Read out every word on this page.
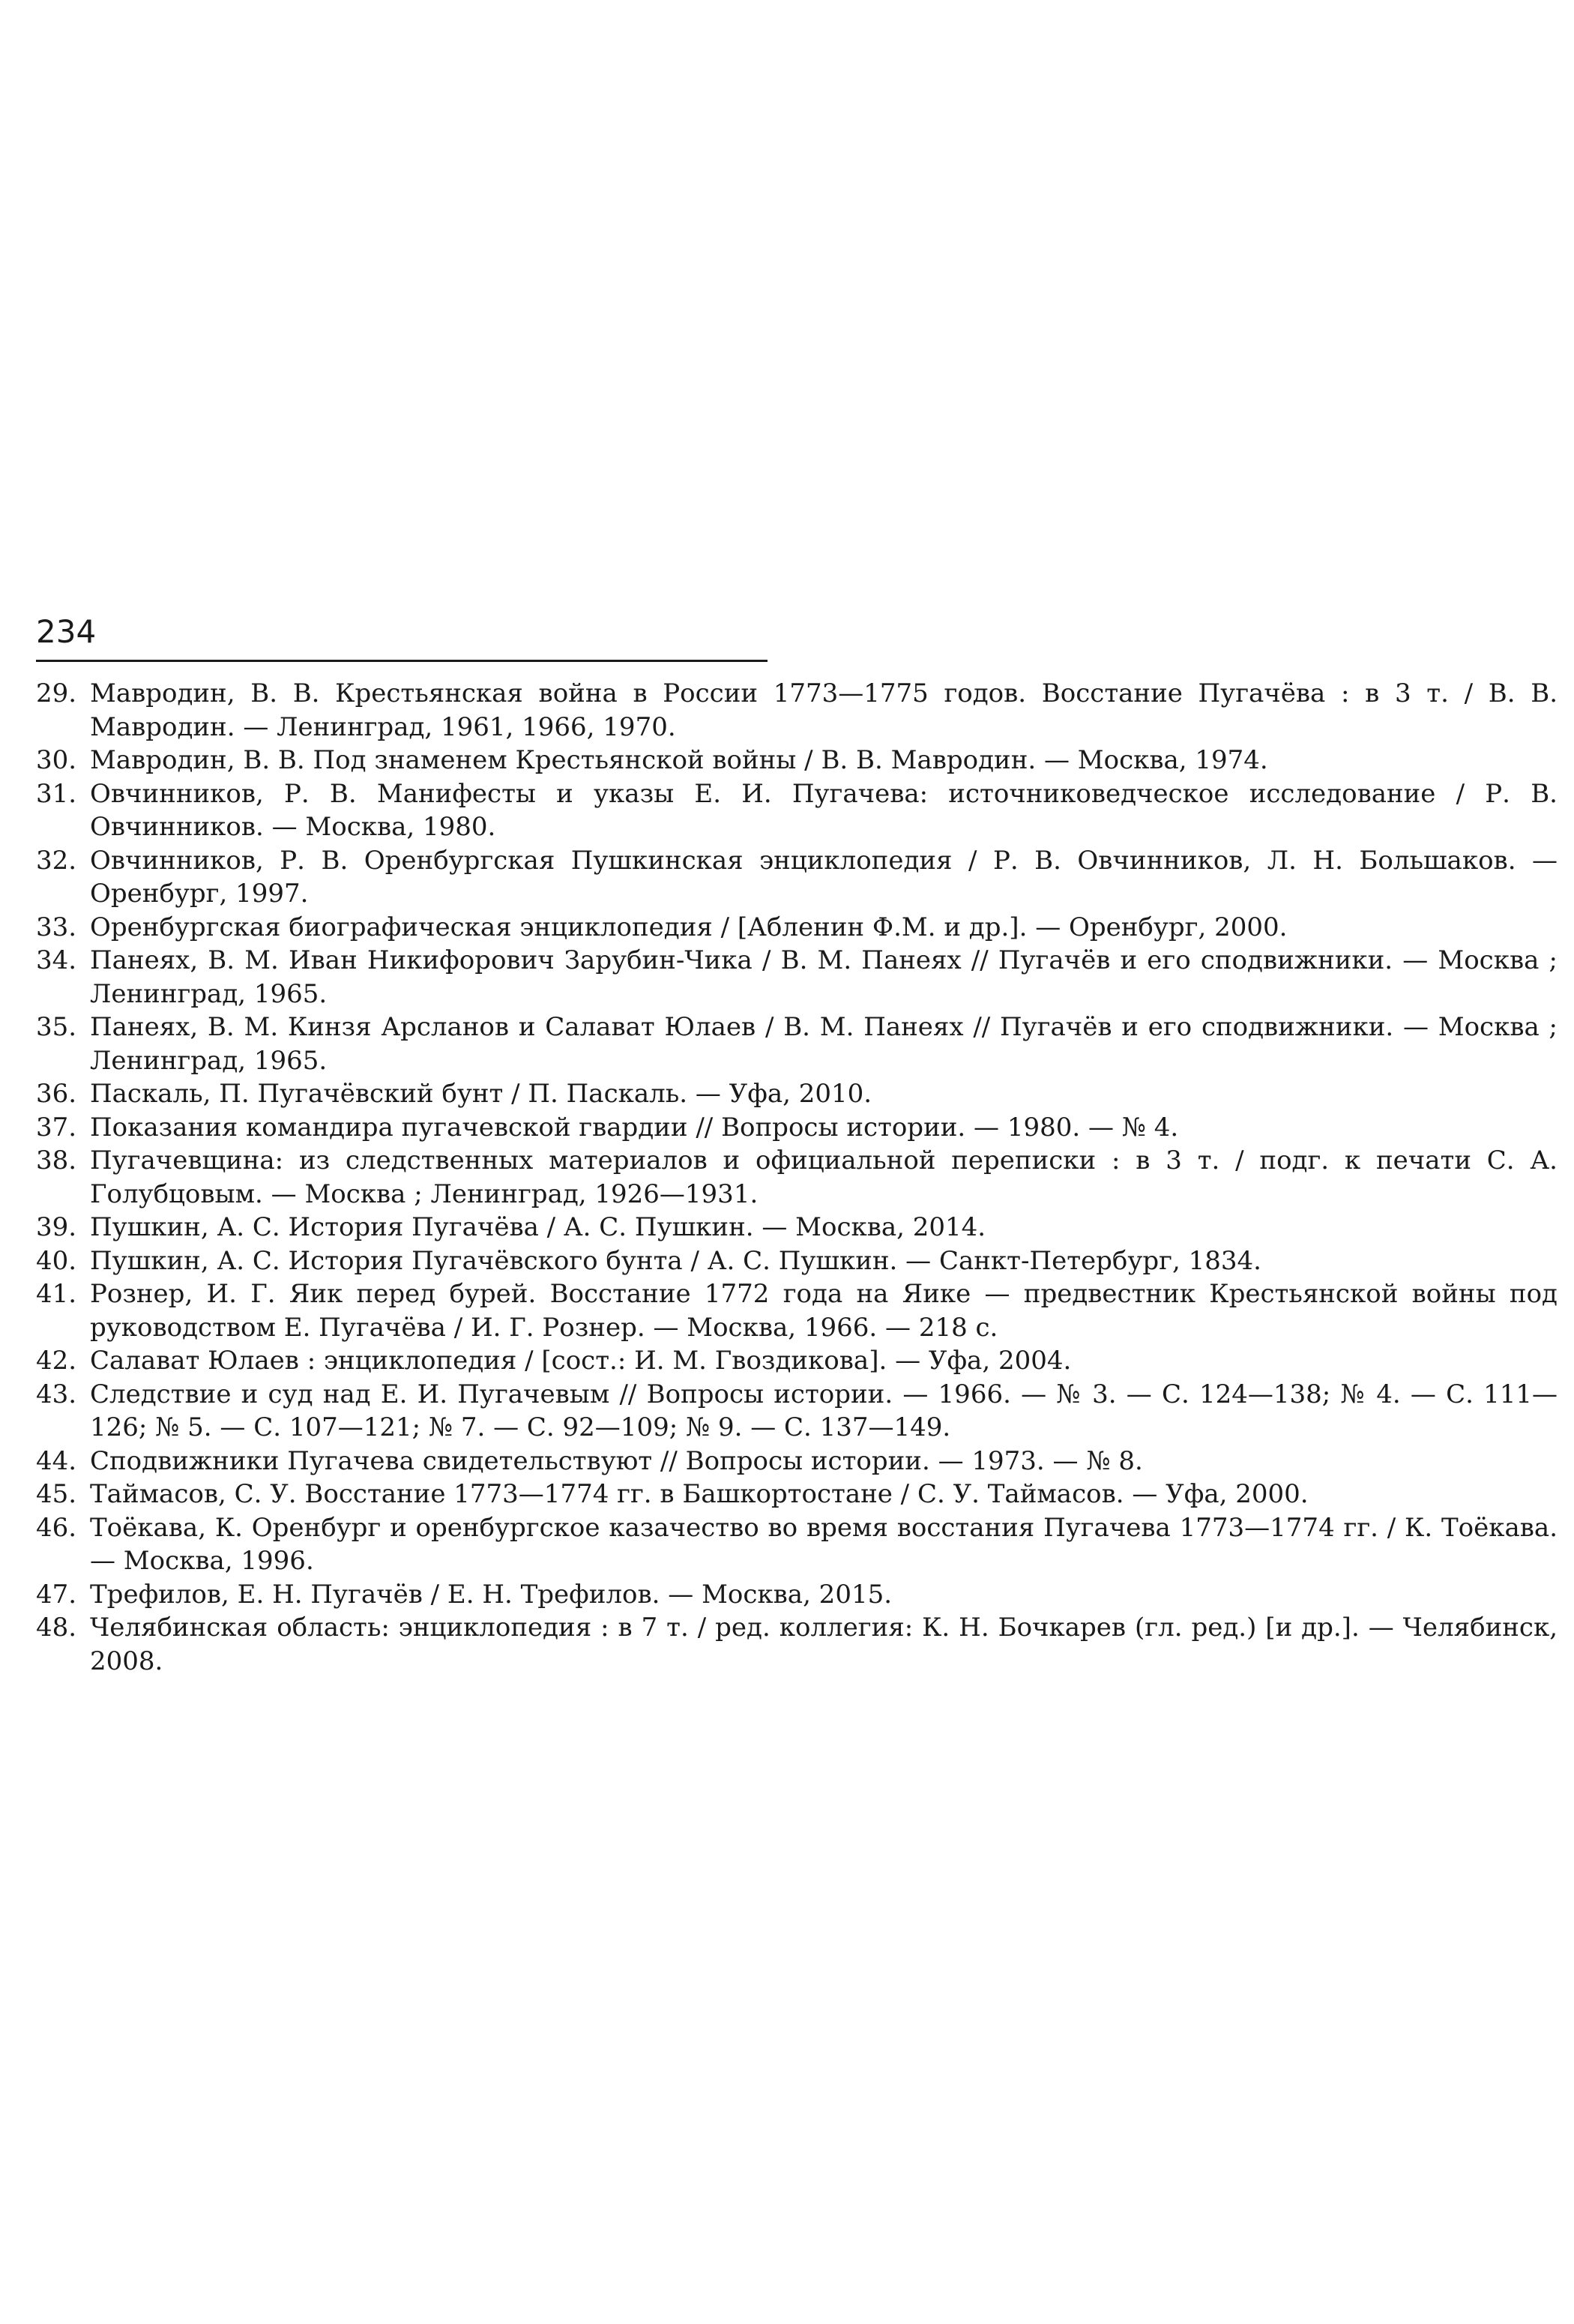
234
29. Мавродин, В. В. Крестьянская война в России 1773—1775 годов. Восстание Пугачёва : в 3 т. / В. В. Мавродин. — Ленинград, 1961, 1966, 1970.
30. Мавродин, В. В. Под знаменем Крестьянской войны / В. В. Мавродин. — Москва, 1974.
31. Овчинников, Р. В. Манифесты и указы Е. И. Пугачева: источниковедческое исследование / Р. В. Овчинников. — Москва, 1980.
32. Овчинников, Р. В. Оренбургская Пушкинская энциклопедия / Р. В. Овчинников, Л. Н. Большаков. — Оренбург, 1997.
33. Оренбургская биографическая энциклопедия / [Абленин Ф.М. и др.]. — Оренбург, 2000.
34. Панеях, В. М. Иван Никифорович Зарубин-Чика / В. М. Панеях // Пугачёв и его сподвижники. — Москва ; Ленинград, 1965.
35. Панеях, В. М. Кинзя Арсланов и Салават Юлаев / В. М. Панеях // Пугачёв и его сподвижники. — Москва ; Ленинград, 1965.
36. Паскаль, П. Пугачёвский бунт / П. Паскаль. — Уфа, 2010.
37. Показания командира пугачевской гвардии // Вопросы истории. — 1980. — № 4.
38. Пугачевщина: из следственных материалов и официальной переписки : в 3 т. / подг. к печати С. А. Голубцовым. — Москва ; Ленинград, 1926—1931.
39. Пушкин, А. С. История Пугачёва / А. С. Пушкин. — Москва, 2014.
40. Пушкин, А. С. История Пугачёвского бунта / А. С. Пушкин. — Санкт-Петербург, 1834.
41. Рознер, И. Г. Яик перед бурей. Восстание 1772 года на Яике — предвестник Крестьянской войны под руководством Е. Пугачёва / И. Г. Рознер. — Москва, 1966. — 218 с.
42. Салават Юлаев : энциклопедия / [сост.: И. М. Гвоздикова]. — Уфа, 2004.
43. Следствие и суд над Е. И. Пугачевым // Вопросы истории. — 1966. — № 3. — С. 124—138; № 4. — С. 111—126; № 5. — С. 107—121; № 7. — С. 92—109; № 9. — С. 137—149.
44. Сподвижники Пугачева свидетельствуют // Вопросы истории. — 1973. — № 8.
45. Таймасов, С. У. Восстание 1773—1774 гг. в Башкортостане / С. У. Таймасов. — Уфа, 2000.
46. Тоёкава, К. Оренбург и оренбургское казачество во время восстания Пугачева 1773—1774 гг. / К. Тоёкава. — Москва, 1996.
47. Трефилов, Е. Н. Пугачёв / Е. Н. Трефилов. — Москва, 2015.
48. Челябинская область: энциклопедия : в 7 т. / ред. коллегия: К. Н. Бочкарев (гл. ред.) [и др.]. — Челябинск, 2008.
